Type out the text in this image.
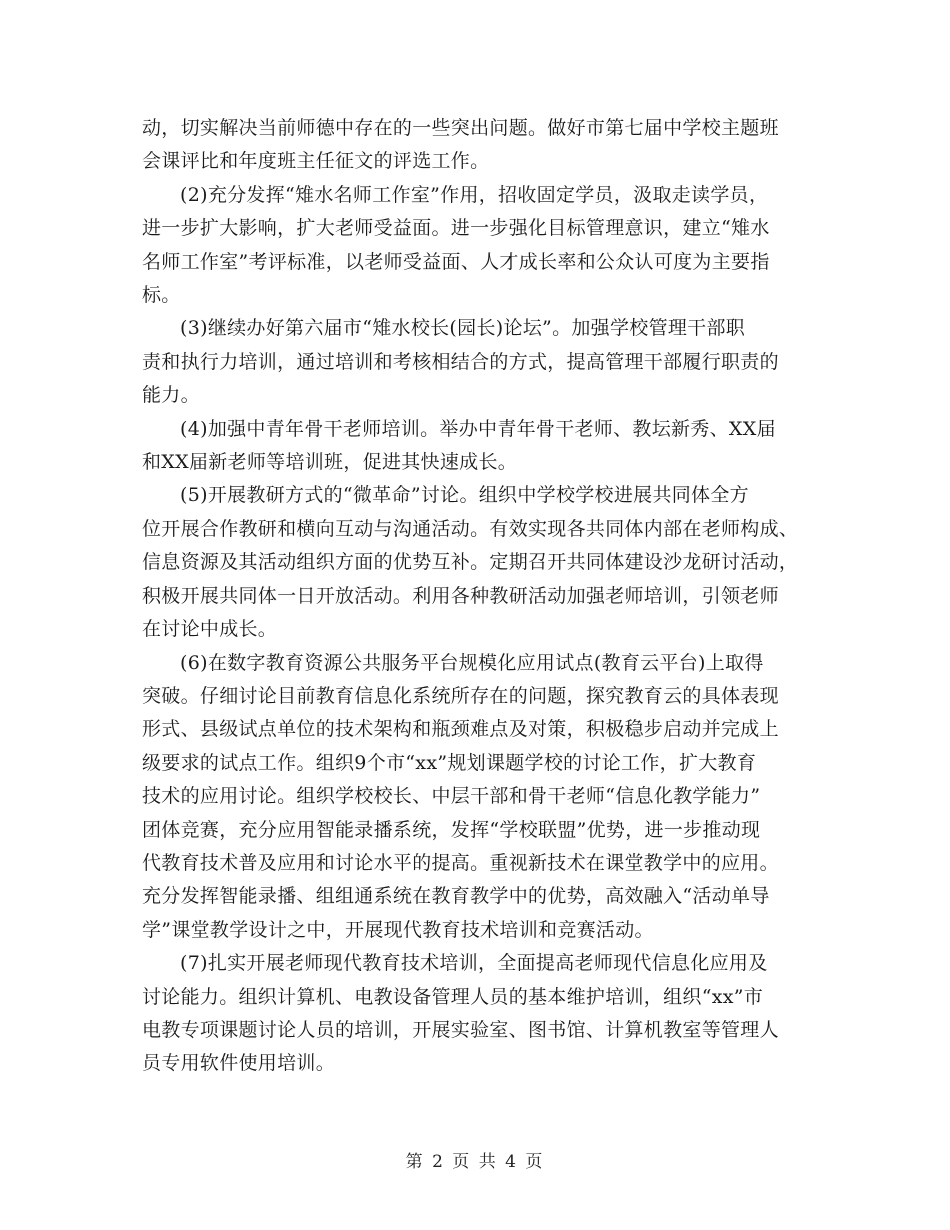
动，切实解决当前师德中存在的一些突出问题。做好市第七届中学校主题班
会课评比和年度班主任征文的评选工作。
(2)充分发挥“雉水名师工作室”作用，招收固定学员，汲取走读学员，
进一步扩大影响，扩大老师受益面。进一步强化目标管理意识，建立“雉水
名师工作室”考评标准，以老师受益面、人才成长率和公众认可度为主要指
标。
(3)继续办好第六届市“雉水校长(园长)论坛”。加强学校管理干部职
责和执行力培训，通过培训和考核相结合的方式，提高管理干部履行职责的
能力。
(4)加强中青年骨干老师培训。举办中青年骨干老师、教坛新秀、XX届
和XX届新老师等培训班，促进其快速成长。
(5)开展教研方式的“微革命”讨论。组织中学校学校进展共同体全方
位开展合作教研和横向互动与沟通活动。有效实现各共同体内部在老师构成、
信息资源及其活动组织方面的优势互补。定期召开共同体建设沙龙研讨活动，
积极开展共同体一日开放活动。利用各种教研活动加强老师培训，引领老师
在讨论中成长。
(6)在数字教育资源公共服务平台规模化应用试点(教育云平台)上取得
突破。仔细讨论目前教育信息化系统所存在的问题，探究教育云的具体表现
形式、县级试点单位的技术架构和瓶颈难点及对策，积极稳步启动并完成上
级要求的试点工作。组织9个市“xx”规划课题学校的讨论工作，扩大教育
技术的应用讨论。组织学校校长、中层干部和骨干老师“信息化教学能力”
团体竞赛，充分应用智能录播系统，发挥“学校联盟”优势，进一步推动现
代教育技术普及应用和讨论水平的提高。重视新技术在课堂教学中的应用。
充分发挥智能录播、组组通系统在教育教学中的优势，高效融入“活动单导
学”课堂教学设计之中，开展现代教育技术培训和竞赛活动。
(7)扎实开展老师现代教育技术培训，全面提高老师现代信息化应用及
讨论能力。组织计算机、电教设备管理人员的基本维护培训，组织“xx”市
电教专项课题讨论人员的培训，开展实验室、图书馆、计算机教室等管理人
员专用软件使用培训。
第 2 页 共 4 页
